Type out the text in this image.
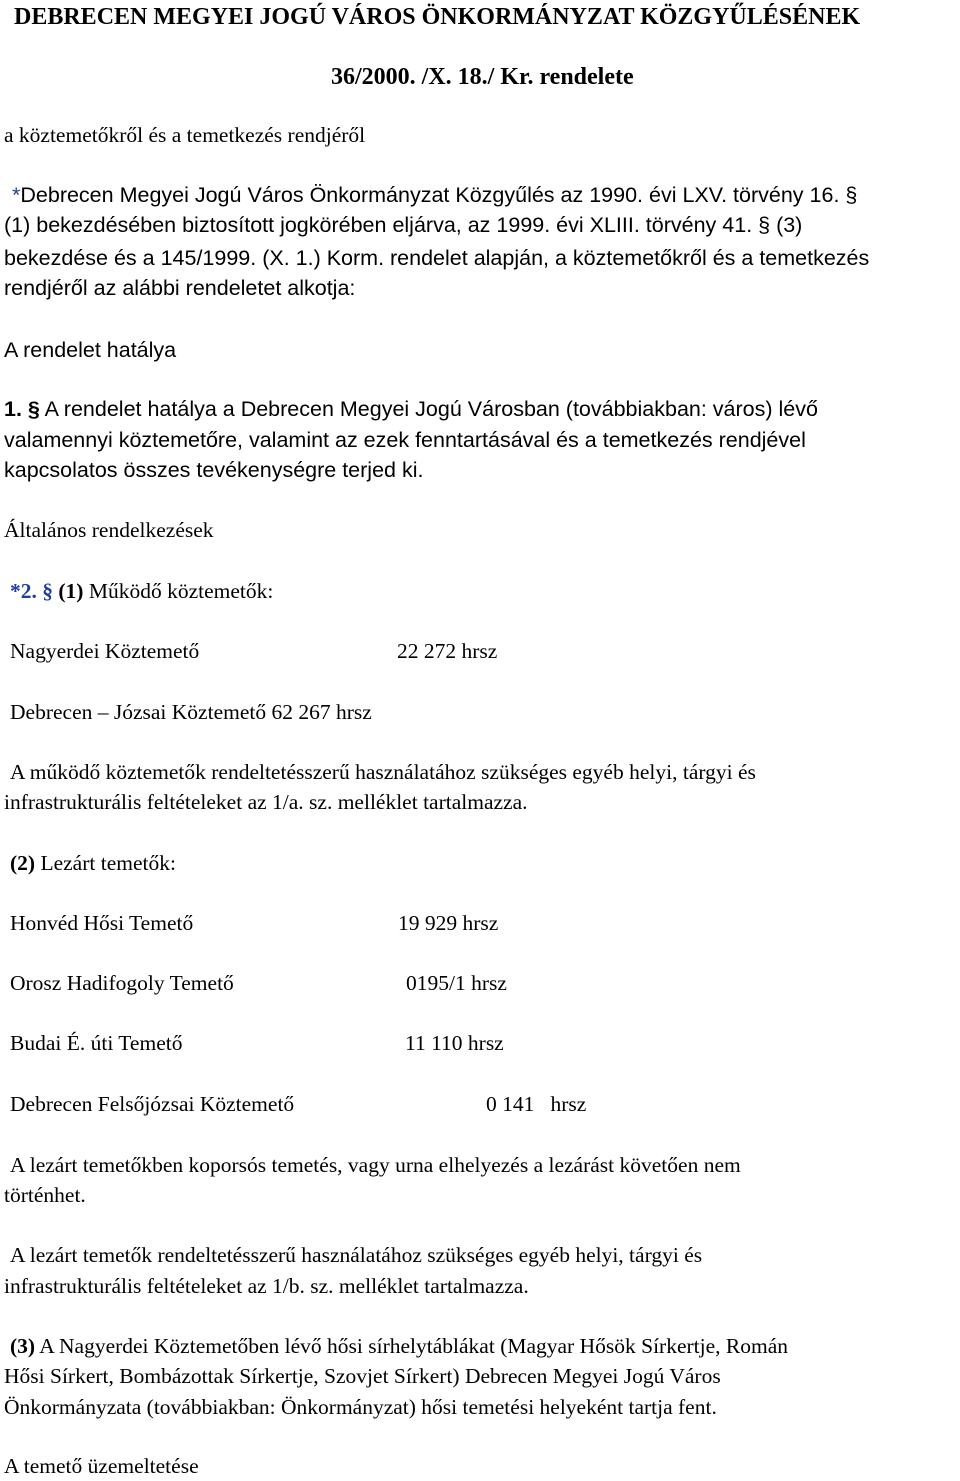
DEBRECEN MEGYEI JOGÚ VÁROS ÖNKORMÁNYZAT KÖZGYŰLÉSÉNEK
36/2000. /X. 18./ Kr. rendelete
a köztemetőkről és a temetkezés rendjéről
*Debrecen Megyei Jogú Város Önkormányzat Közgyűlés az 1990. évi LXV. törvény 16. §
(1) bekezdésében biztosított jogkörében eljárva, az 1999. évi XLIII. törvény 41. § (3)
bekezdése és a 145/1999. (X. 1.) Korm. rendelet alapján, a köztemetőkről és a temetkezés
rendjéről az alábbi rendeletet alkotja:
A rendelet hatálya
1. § A rendelet hatálya a Debrecen Megyei Jogú Városban (továbbiakban: város) lévő
valamennyi köztemetőre, valamint az ezek fenntartásával és a temetkezés rendjével
kapcsolatos összes tevékenységre terjed ki.
Általános rendelkezések
*2. § (1) Működő köztemetők:
Nagyerdei Köztemető	22 272 hrsz
Debrecen – Józsai Köztemető 62 267 hrsz
A működő köztemetők rendeltetésszerű használatához szükséges egyéb helyi, tárgyi és
infrastrukturális feltételeket az 1/a. sz. melléklet tartalmazza.
(2) Lezárt temetők:
Honvéd Hősi Temető	19 929 hrsz
Orosz Hadifogoly Temető	0195/1 hrsz
Budai É. úti Temető	11 110 hrsz
Debrecen Felsőjózsai Köztemető	0 141   hrsz
A lezárt temetőkben koporsós temetés, vagy urna elhelyezés a lezárást követően nem
történhet.
A lezárt temetők rendeltetésszerű használatához szükséges egyéb helyi, tárgyi és
infrastrukturális feltételeket az 1/b. sz. melléklet tartalmazza.
(3) A Nagyerdei Köztemetőben lévő hősi sírhelytáblákat (Magyar Hősök Sírkertje, Román
Hősi Sírkert, Bombázottak Sírkertje, Szovjet Sírkert) Debrecen Megyei Jogú Város
Önkormányzata (továbbiakban: Önkormányzat) hősi temetési helyeként tartja fent.
A temető üzemeltetése
